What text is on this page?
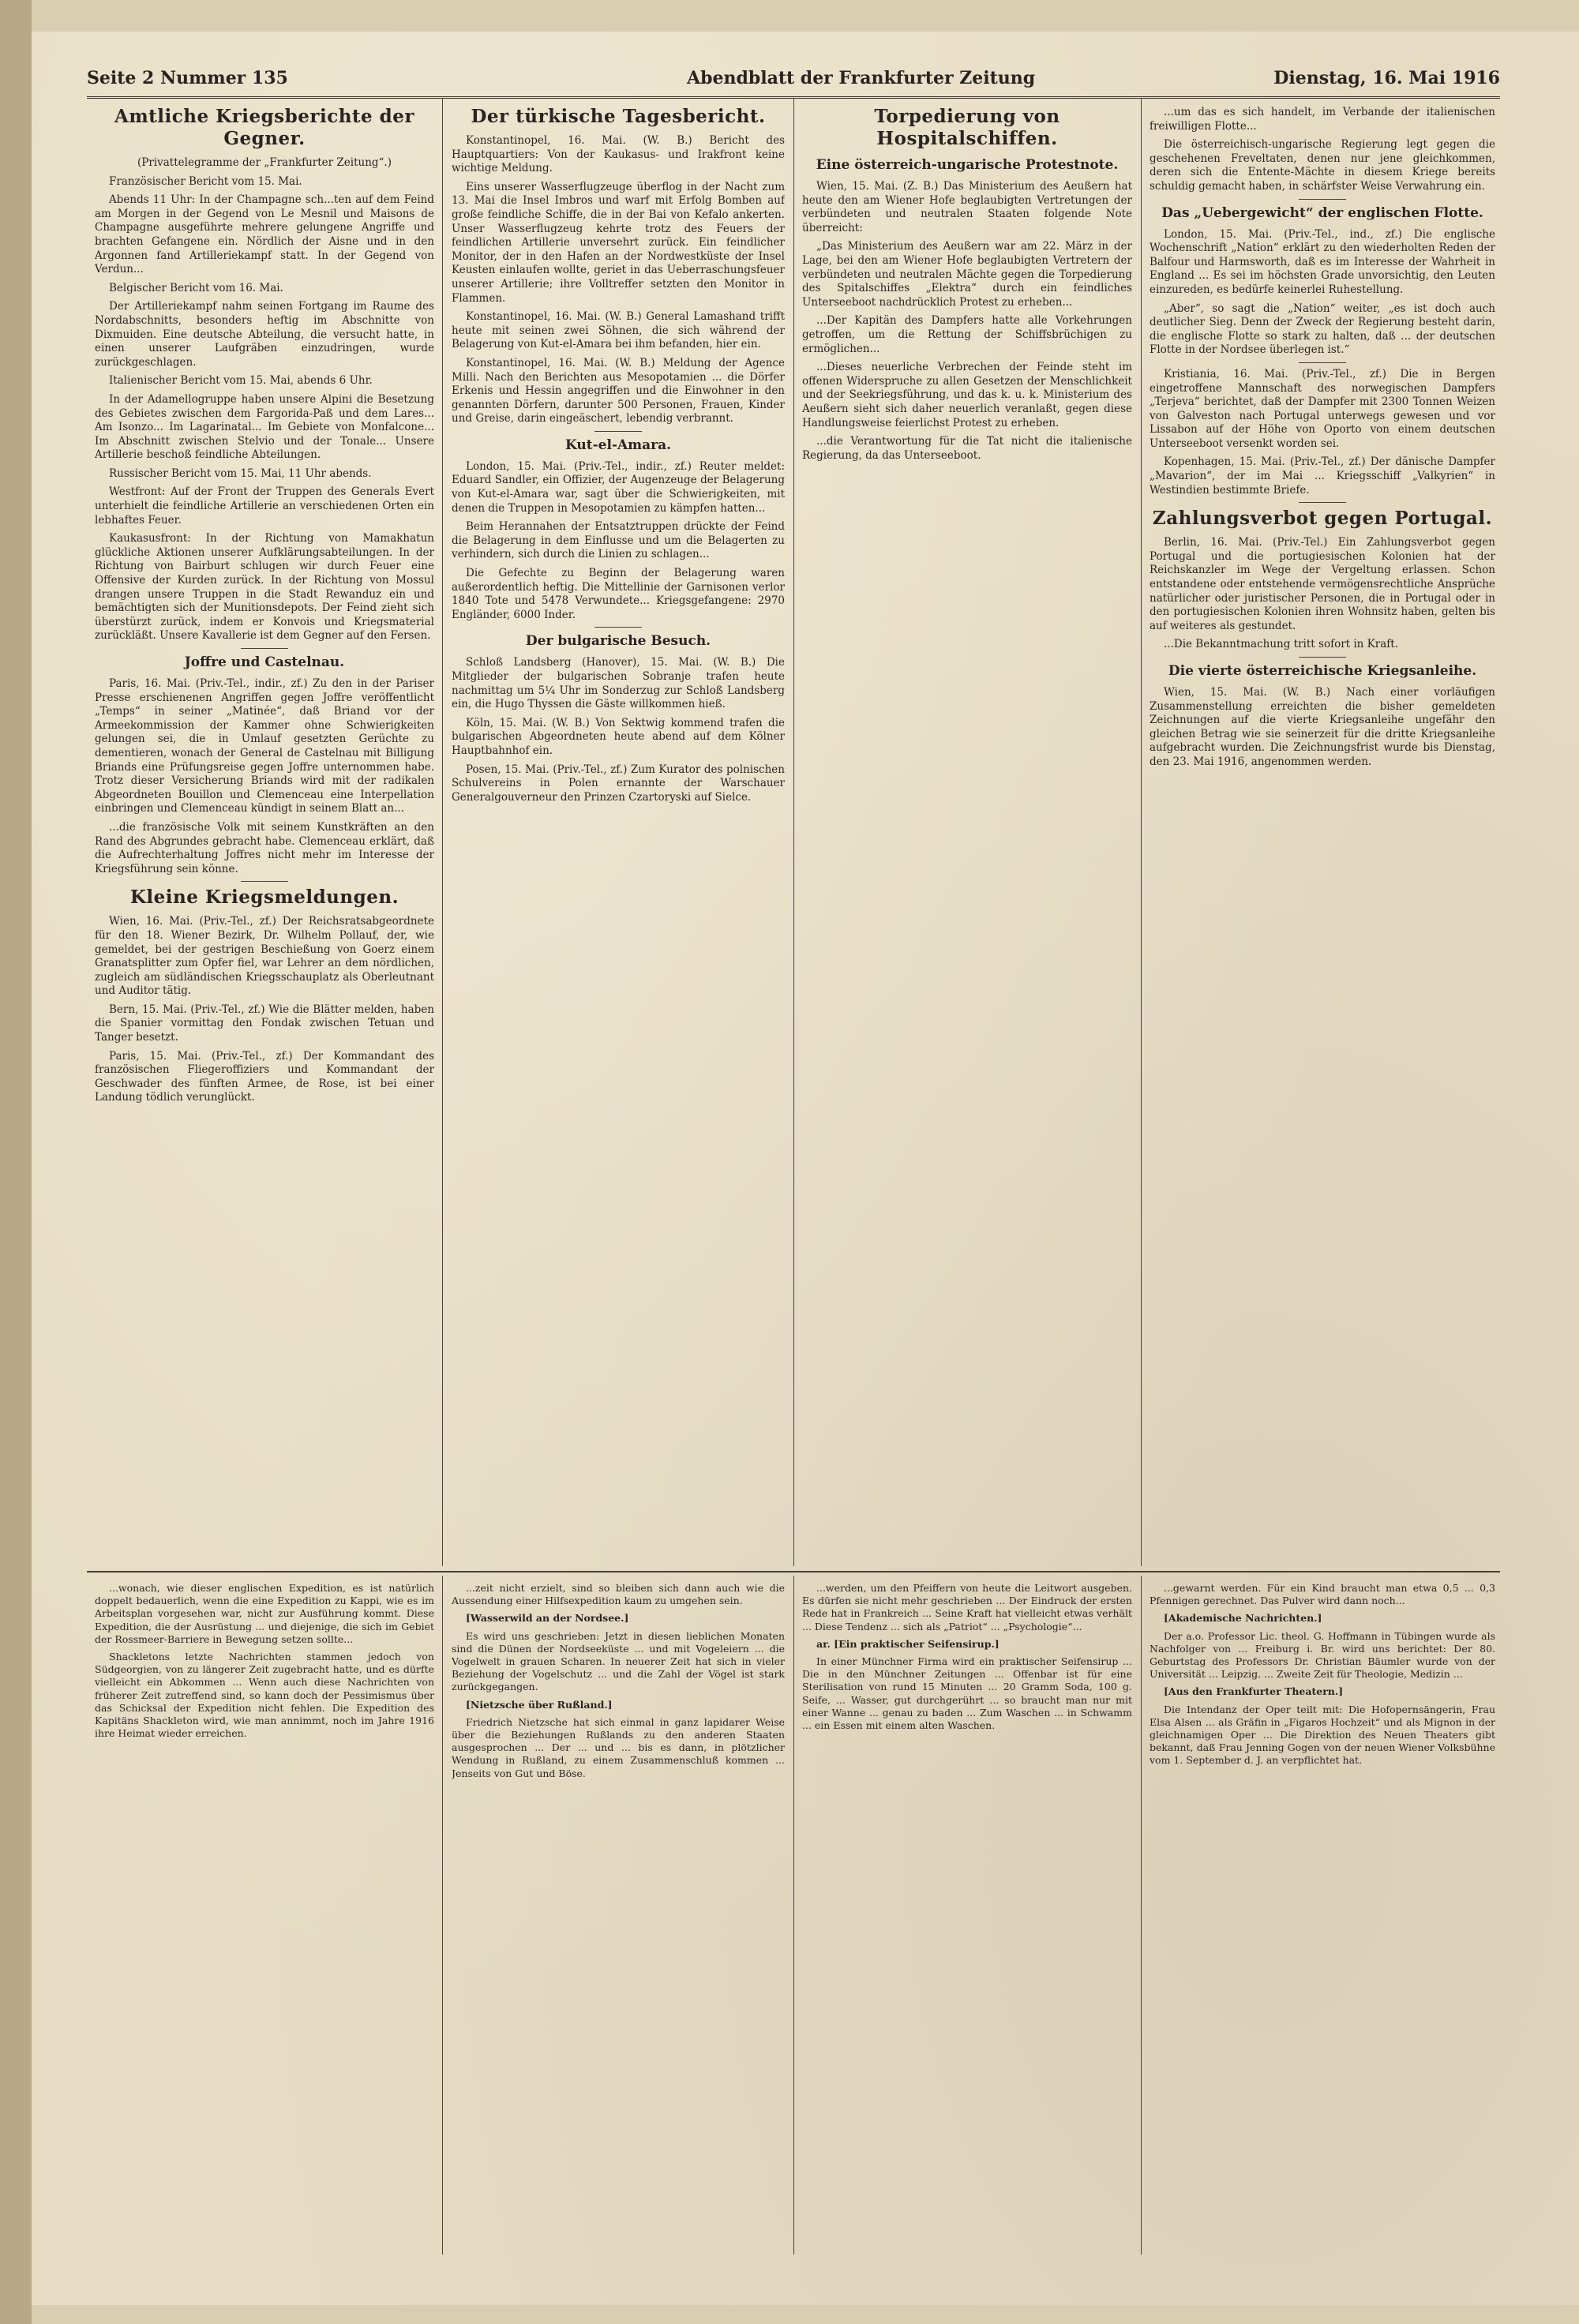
Seite 2 Nummer 135	Abendblatt der Frankfurter Zeitung	Dienstag, 16. Mai 1916
Amtliche Kriegsberichte der Gegner.
(Privattelegramme der „Frankfurter Zeitung“.)

Französischer Bericht vom 15. Mai.

Abends 11 Uhr: In der Champagne sch...ten auf dem Feind am Morgen in der Gegend von Le Mesnil und Maisons de Champagne ausgeführte mehrere gelungene Angriffe und brachten Gefangene ein. Nördlich der Aisne und in den Argonnen fand Artilleriekampf statt. In der Gegend von Verdun...

Belgischer Bericht vom 16. Mai.

Der Artilleriekampf nahm seinen Fortgang im Raume des Nordabschnitts, besonders heftig im Abschnitte von Dixmuiden. Eine deutsche Abteilung, die versucht hatte, in einen unserer Laufgräben einzudringen, wurde zurückgeschlagen.

Italienischer Bericht vom 15. Mai, abends 6 Uhr.

In der Adamellogruppe haben unsere Alpini die Besetzung des Gebietes zwischen dem Fargorida-Paß und dem Lares... Am Isonzo... Im Lagarinatal... Im Gebiete von Monfalcone... Im Abschnitt zwischen Stelvio und der Tonale... Unsere Artillerie beschoß feindliche Abteilungen.

Russischer Bericht vom 15. Mai, 11 Uhr abends.

Westfront: Auf der Front der Truppen des Generals Evert unterhielt die feindliche Artillerie an verschiedenen Orten ein lebhaftes Feuer.

Kaukasusfront: In der Richtung von Mamakhatun glückliche Aktionen unserer Aufklärungsabteilungen. In der Richtung von Bairburt schlugen wir durch Feuer eine Offensive der Kurden zurück. In der Richtung von Mossul drangen unsere Truppen in die Stadt Rewanduz ein und bemächtigten sich der Munitionsdepots. Der Feind zieht sich überstürzt zurück, indem er Konvois und Kriegsmaterial zurückläßt. Unsere Kavallerie ist dem Gegner auf den Fersen.

Joffre und Castelnau.

Paris, 16. Mai. (Priv.-Tel., indir., zf.) Zu den in der Pariser Presse erschienenen Angriffen gegen Joffre veröffentlicht „Temps“ in seiner „Matinée“, daß Briand vor der Armeekommission der Kammer ohne Schwierigkeiten gelungen sei, die in Umlauf gesetzten Gerüchte zu dementieren, wonach der General de Castelnau mit Billigung Briands eine Prüfungsreise gegen Joffre unternommen habe. Trotz dieser Versicherung Briands wird mit der radikalen Abgeordneten Bouillon und Clemenceau eine Interpellation einbringen und Clemenceau kündigt in seinem Blatt an...

...die französische Volk mit seinem Kunstkräften an den Rand des Abgrundes gebracht habe. Clemenceau erklärt, daß die Aufrechterhaltung Joffres nicht mehr im Interesse der Kriegsführung sein könne.

Kleine Kriegsmeldungen.

Wien, 16. Mai. (Priv.-Tel., zf.) Der Reichsratsabgeordnete für den 18. Wiener Bezirk, Dr. Wilhelm Pollauf, der, wie gemeldet, bei der gestrigen Beschießung von Goerz einem Granatsplitter zum Opfer fiel, war Lehrer an dem nördlichen, zugleich am südländischen Kriegsschauplatz als Oberleutnant und Auditor tätig.

Bern, 15. Mai. (Priv.-Tel., zf.) Wie die Blätter melden, haben die Spanier vormittag den Fondak zwischen Tetuan und Tanger besetzt.

Paris, 15. Mai. (Priv.-Tel., zf.) Der Kommandant des französischen Fliegeroffiziers und Kommandant der Geschwader des fünften Armee, de Rose, ist bei einer Landung tödlich verunglückt.

Der türkische Tagesbericht.

Konstantinopel, 16. Mai. (W. B.) Bericht des Hauptquartiers: Von der Kaukasus- und Irakfront keine wichtige Meldung.

Eins unserer Wasserflugzeuge überflog in der Nacht zum 13. Mai die Insel Imbros und warf mit Erfolg Bomben auf große feindliche Schiffe, die in der Bai von Kefalo ankerten. Unser Wasserflugzeug kehrte trotz des Feuers der feindlichen Artillerie unversehrt zurück. Ein feindlicher Monitor, der in den Hafen an der Nordwestküste der Insel Keusten einlaufen wollte, geriet in das Ueberraschungsfeuer unserer Artillerie; ihre Volltreffer setzten den Monitor in Flammen.

Konstantinopel, 16. Mai. (W. B.) General Lamashand trifft heute mit seinen zwei Söhnen, die sich während der Belagerung von Kut-el-Amara bei ihm befanden, hier ein.

Konstantinopel, 16. Mai. (W. B.) Meldung der Agence Milli. Nach den Berichten aus Mesopotamien ... die Dörfer Erkenis und Hessin angegriffen und die Einwohner in den genannten Dörfern, darunter 500 Personen, Frauen, Kinder und Greise, darin eingeäschert, lebendig verbrannt.

Kut-el-Amara.

London, 15. Mai. (Priv.-Tel., indir., zf.) Reuter meldet: Eduard Sandler, ein Offizier, der Augenzeuge der Belagerung von Kut-el-Amara war, sagt über die Schwierigkeiten, mit denen die Truppen in Mesopotamien zu kämpfen hatten...

Beim Herannahen der Entsatztruppen drückte der Feind die Belagerung in dem Einflusse und um die Belagerten zu verhindern, sich durch die Linien zu schlagen...

Die Gefechte zu Beginn der Belagerung waren außerordentlich heftig. Die Mittellinie der Garnisonen verlor 1840 Tote und 5478 Verwundete... Kriegsgefangene: 2970 Engländer, 6000 Inder.

Der bulgarische Besuch.

Schloß Landsberg (Hanover), 15. Mai. (W. B.) Die Mitglieder der bulgarischen Sobranje trafen heute nachmittag um 5¼ Uhr im Sonderzug zur Schloß Landsberg ein, die Hugo Thyssen die Gäste willkommen hieß.

Köln, 15. Mai. (W. B.) Von Sektwig kommend trafen die bulgarischen Abgeordneten heute abend auf dem Kölner Hauptbahnhof ein.

Posen, 15. Mai. (Priv.-Tel., zf.) Zum Kurator des polnischen Schulvereins in Polen ernannte der Warschauer Generalgouverneur den Prinzen Czartoryski auf Sielce.

Torpedierung von Hospitalschiffen.
Eine österreich-ungarische Protestnote.

Wien, 15. Mai. (Z. B.) Das Ministerium des Aeußern hat heute den am Wiener Hofe beglaubigten Vertretungen der verbündeten und neutralen Staaten folgende Note überreicht:

„Das Ministerium des Aeußern war am 22. März in der Lage, bei den am Wiener Hofe beglaubigten Vertretern der verbündeten und neutralen Mächte gegen die Torpedierung des Spitalschiffes „Elektra“ durch ein feindliches Unterseeboot nachdrücklich Protest zu erheben...

...Der Kapitän des Dampfers hatte alle Vorkehrungen getroffen, um die Rettung der Schiffsbrüchigen zu ermöglichen...

...Dieses neuerliche Verbrechen der Feinde steht im offenen Widerspruche zu allen Gesetzen der Menschlichkeit und der Seekriegsführung, und das k. u. k. Ministerium des Aeußern sieht sich daher neuerlich veranlaßt, gegen diese Handlungsweise feierlichst Protest zu erheben.

...die Verantwortung für die Tat nicht die italienische Regierung, da das Unterseeboot.

...um das es sich handelt, im Verbande der italienischen freiwilligen Flotte...

Die österreichisch-ungarische Regierung legt gegen die geschehenen Freveltaten, denen nur jene gleichkommen, deren sich die Entente-Mächte in diesem Kriege bereits schuldig gemacht haben, in schärfster Weise Verwahrung ein.

Das „Uebergewicht“ der englischen Flotte.

London, 15. Mai. (Priv.-Tel., ind., zf.) Die englische Wochenschrift „Nation“ erklärt zu den wiederholten Reden der Balfour und Harmsworth, daß es im Interesse der Wahrheit in England ... Es sei im höchsten Grade unvorsichtig, den Leuten einzureden, es bedürfe keinerlei Ruhestellung.

„Aber“, so sagt die „Nation“ weiter, „es ist doch auch deutlicher Sieg. Denn der Zweck der Regierung besteht darin, die englische Flotte so stark zu halten, daß ... der deutschen Flotte in der Nordsee überlegen ist.“

Kristiania, 16. Mai. (Priv.-Tel., zf.) Die in Bergen eingetroffene Mannschaft des norwegischen Dampfers „Terjeva“ berichtet, daß der Dampfer mit 2300 Tonnen Weizen von Galveston nach Portugal unterwegs gewesen und vor Lissabon auf der Höhe von Oporto von einem deutschen Unterseeboot versenkt worden sei.

Kopenhagen, 15. Mai. (Priv.-Tel., zf.) Der dänische Dampfer „Mavarion“, der im Mai ... Kriegsschiff „Valkyrien“ in Westindien bestimmte Briefe.

Zahlungsverbot gegen Portugal.

Berlin, 16. Mai. (Priv.-Tel.) Ein Zahlungsverbot gegen Portugal und die portugiesischen Kolonien hat der Reichskanzler im Wege der Vergeltung erlassen. Schon entstandene oder entstehende vermögensrechtliche Ansprüche natürlicher oder juristischer Personen, die in Portugal oder in den portugiesischen Kolonien ihren Wohnsitz haben, gelten bis auf weiteres als gestundet.

...Die Bekanntmachung tritt sofort in Kraft.

Die vierte österreichische Kriegsanleihe.

Wien, 15. Mai. (W. B.) Nach einer vorläufigen Zusammenstellung erreichten die bisher gemeldeten Zeichnungen auf die vierte Kriegsanleihe ungefähr den gleichen Betrag wie sie seinerzeit für die dritte Kriegsanleihe aufgebracht wurden. Die Zeichnungsfrist wurde bis Dienstag, den 23. Mai 1916, angenommen werden.

...wonach, wie dieser englischen Expedition, es ist natürlich doppelt bedauerlich, wenn die eine Expedition zu Kappi, wie es im Arbeitsplan vorgesehen war, nicht zur Ausführung kommt. Diese Expedition, die der Ausrüstung ... und diejenige, die sich im Gebiet der Rossmeer-Barriere in Bewegung setzen sollte...

Shackletons letzte Nachrichten stammen jedoch von Südgeorgien, von zu längerer Zeit zugebracht hatte, und es dürfte vielleicht ein Abkommen ... Wenn auch diese Nachrichten von früherer Zeit zutreffend sind, so kann doch der Pessimismus über das Schicksal der Expedition nicht fehlen. Die Expedition des Kapitäns Shackleton wird, wie man annimmt, noch im Jahre 1916 ihre Heimat wieder erreichen.

...zeit nicht erzielt, sind so bleiben sich dann auch wie die Aussendung einer Hilfsexpedition kaum zu umgehen sein.

[Wasserwild an der Nordsee.]

Es wird uns geschrieben: Jetzt in diesen lieblichen Monaten sind die Dünen der Nordseeküste ... und mit Vogeleiern ... die Vogelwelt in grauen Scharen. In neuerer Zeit hat sich in vieler Beziehung der Vogelschutz ... und die Zahl der Vögel ist stark zurückgegangen.

[Nietzsche über Rußland.]

Friedrich Nietzsche hat sich einmal in ganz lapidarer Weise über die Beziehungen Rußlands zu den anderen Staaten ausgesprochen ... Der ... und ... bis es dann, in plötzlicher Wendung in Rußland, zu einem Zusammenschluß kommen ... Jenseits von Gut und Böse.

...werden, um den Pfeiffern von heute die Leitwort ausgeben. Es dürfen sie nicht mehr geschrieben ... Der Eindruck der ersten Rede hat in Frankreich ... Seine Kraft hat vielleicht etwas verhält ... Diese Tendenz ... sich als „Patriot“ ... „Psychologie“...

ar. [Ein praktischer Seifensirup.]

In einer Münchner Firma wird ein praktischer Seifensirup ... Die in den Münchner Zeitungen ... Offenbar ist für eine Sterilisation von rund 15 Minuten ... 20 Gramm Soda, 100 g. Seife, ... Wasser, gut durchgerührt ... so braucht man nur mit einer Wanne ... genau zu baden ... Zum Waschen ... in Schwamm ... ein Essen mit einem alten Waschen.

...gewarnt werden. Für ein Kind braucht man etwa 0,5 ... 0,3 Pfennigen gerechnet. Das Pulver wird dann noch...

[Akademische Nachrichten.]

Der a.o. Professor Lic. theol. G. Hoffmann in Tübingen wurde als Nachfolger von ... Freiburg i. Br. wird uns berichtet: Der 80. Geburtstag des Professors Dr. Christian Bäumler wurde von der Universität ... Leipzig. ... Zweite Zeit für Theologie, Medizin ...

[Aus den Frankfurter Theatern.]

Die Intendanz der Oper teilt mit: Die Hofopernsängerin, Frau Elsa Alsen ... als Gräfin in „Figaros Hochzeit“ und als Mignon in der gleichnamigen Oper ... Die Direktion des Neuen Theaters gibt bekannt, daß Frau Jenning Gogen von der neuen Wiener Volksbühne vom 1. September d. J. an verpflichtet hat.
